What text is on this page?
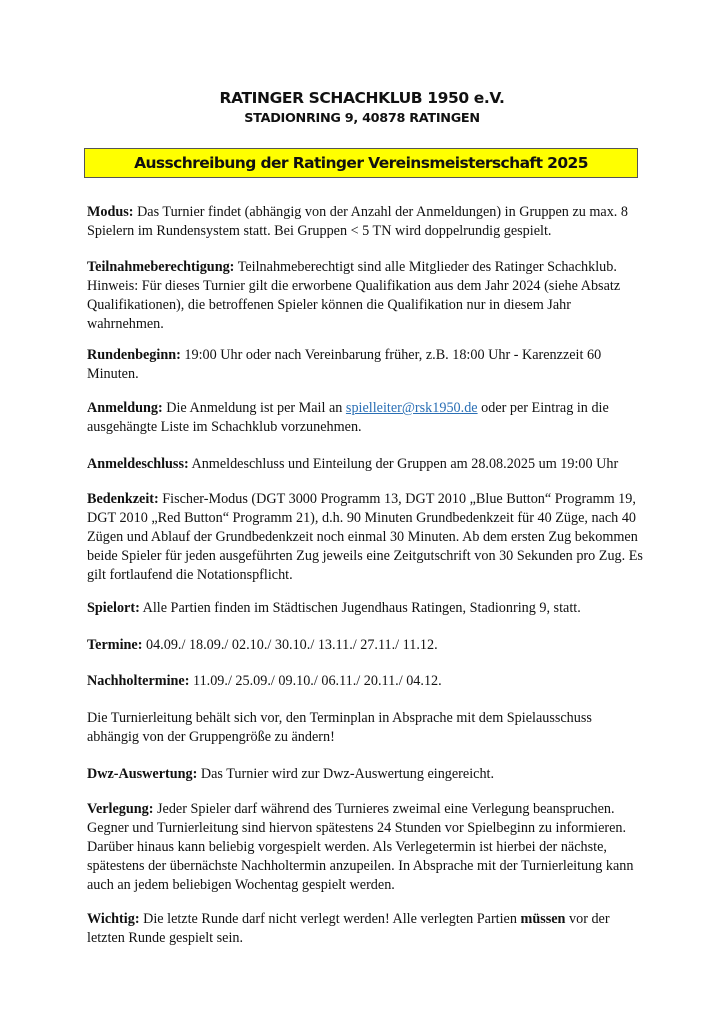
RATINGER SCHACHKLUB 1950 e.V.
STADIONRING 9, 40878 RATINGEN
Ausschreibung der Ratinger Vereinsmeisterschaft 2025

Modus: Das Turnier findet (abhängig von der Anzahl der Anmeldungen) in Gruppen zu max. 8 Spielern im Rundensystem statt. Bei Gruppen < 5 TN wird doppelrundig gespielt.

Teilnahmeberechtigung: Teilnahmeberechtigt sind alle Mitglieder des Ratinger Schachklub. Hinweis: Für dieses Turnier gilt die erworbene Qualifikation aus dem Jahr 2024 (siehe Absatz Qualifikationen), die betroffenen Spieler können die Qualifikation nur in diesem Jahr wahrnehmen.

Rundenbeginn: 19:00 Uhr oder nach Vereinbarung früher, z.B. 18:00 Uhr - Karenzzeit 60 Minuten.

Anmeldung: Die Anmeldung ist per Mail an spielleiter@rsk1950.de oder per Eintrag in die ausgehängte Liste im Schachklub vorzunehmen.

Anmeldeschluss: Anmeldeschluss und Einteilung der Gruppen am 28.08.2025 um 19:00 Uhr

Bedenkzeit: Fischer-Modus (DGT 3000 Programm 13, DGT 2010 „Blue Button“ Programm 19, DGT 2010 „Red Button“ Programm 21), d.h. 90 Minuten Grundbedenkzeit für 40 Züge, nach 40 Zügen und Ablauf der Grundbedenkzeit noch einmal 30 Minuten. Ab dem ersten Zug bekommen beide Spieler für jeden ausgeführten Zug jeweils eine Zeitgutschrift von 30 Sekunden pro Zug. Es gilt fortlaufend die Notationspflicht.

Spielort: Alle Partien finden im Städtischen Jugendhaus Ratingen, Stadionring 9, statt.

Termine: 04.09./ 18.09./ 02.10./ 30.10./ 13.11./ 27.11./ 11.12.

Nachholtermine: 11.09./ 25.09./ 09.10./ 06.11./ 20.11./ 04.12.

Die Turnierleitung behält sich vor, den Terminplan in Absprache mit dem Spielausschuss abhängig von der Gruppengröße zu ändern!

Dwz-Auswertung: Das Turnier wird zur Dwz-Auswertung eingereicht.

Verlegung: Jeder Spieler darf während des Turnieres zweimal eine Verlegung beanspruchen. Gegner und Turnierleitung sind hiervon spätestens 24 Stunden vor Spielbeginn zu informieren. Darüber hinaus kann beliebig vorgespielt werden. Als Verlegetermin ist hierbei der nächste, spätestens der übernächste Nachholtermin anzupeilen. In Absprache mit der Turnierleitung kann auch an jedem beliebigen Wochentag gespielt werden.

Wichtig: Die letzte Runde darf nicht verlegt werden! Alle verlegten Partien müssen vor der letzten Runde gespielt sein.
